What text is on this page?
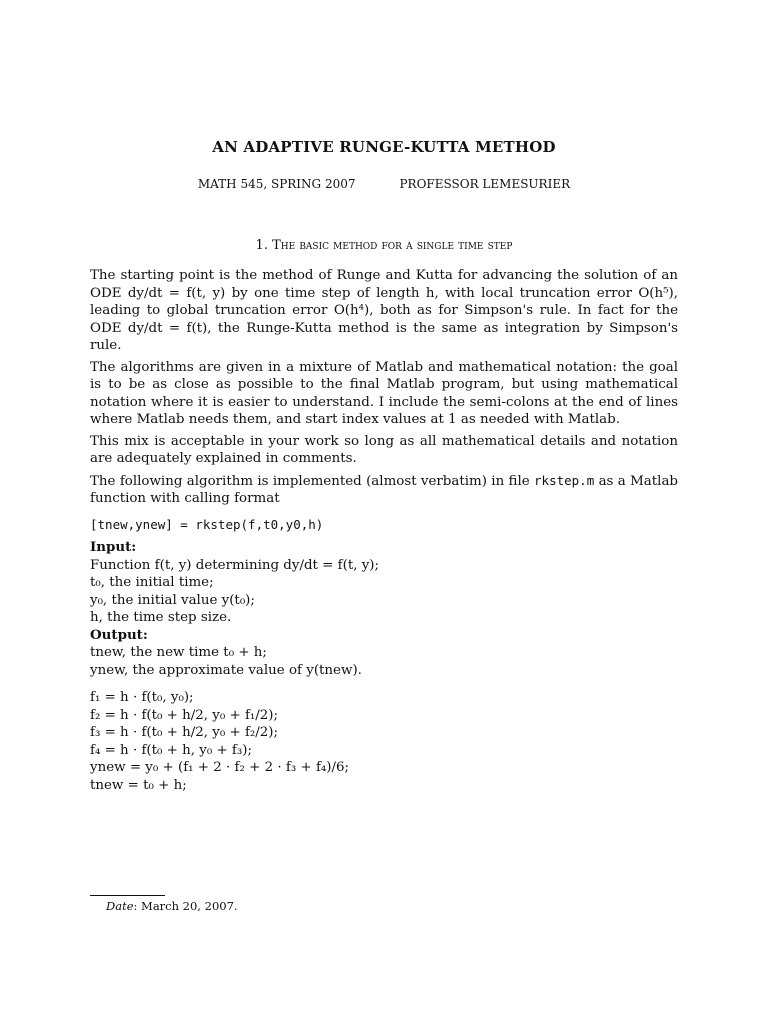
AN ADAPTIVE RUNGE-KUTTA METHOD
MATH 545, SPRING 2007	PROFESSOR LEMESURIER
1. The basic method for a single time step

The starting point is the method of Runge and Kutta for advancing the solution of an ODE dy/dt = f(t, y) by one time step of length h, with local truncation error O(h⁵), leading to global truncation error O(h⁴), both as for Simpson's rule. In fact for the ODE dy/dt = f(t), the Runge-Kutta method is the same as integration by Simpson's rule.

The algorithms are given in a mixture of Matlab and mathematical notation: the goal is to be as close as possible to the final Matlab program, but using mathematical notation where it is easier to understand. I include the semi-colons at the end of lines where Matlab needs them, and start index values at 1 as needed with Matlab.

This mix is acceptable in your work so long as all mathematical details and notation are adequately explained in comments.

The following algorithm is implemented (almost verbatim) in file rkstep.m as a Matlab function with calling format

[tnew,ynew] = rkstep(f,t0,y0,h)
Input:
Function f(t, y) determining dy/dt = f(t, y);
t₀, the initial time;
y₀, the initial value y(t₀);
h, the time step size.
Output:
tnew, the new time t₀ + h;
ynew, the approximate value of y(tnew).
f₁ = h · f(t₀, y₀);
f₂ = h · f(t₀ + h/2, y₀ + f₁/2);
f₃ = h · f(t₀ + h/2, y₀ + f₂/2);
f₄ = h · f(t₀ + h, y₀ + f₃);
ynew = y₀ + (f₁ + 2 · f₂ + 2 · f₃ + f₄)/6;
tnew = t₀ + h;
Date: March 20, 2007.
